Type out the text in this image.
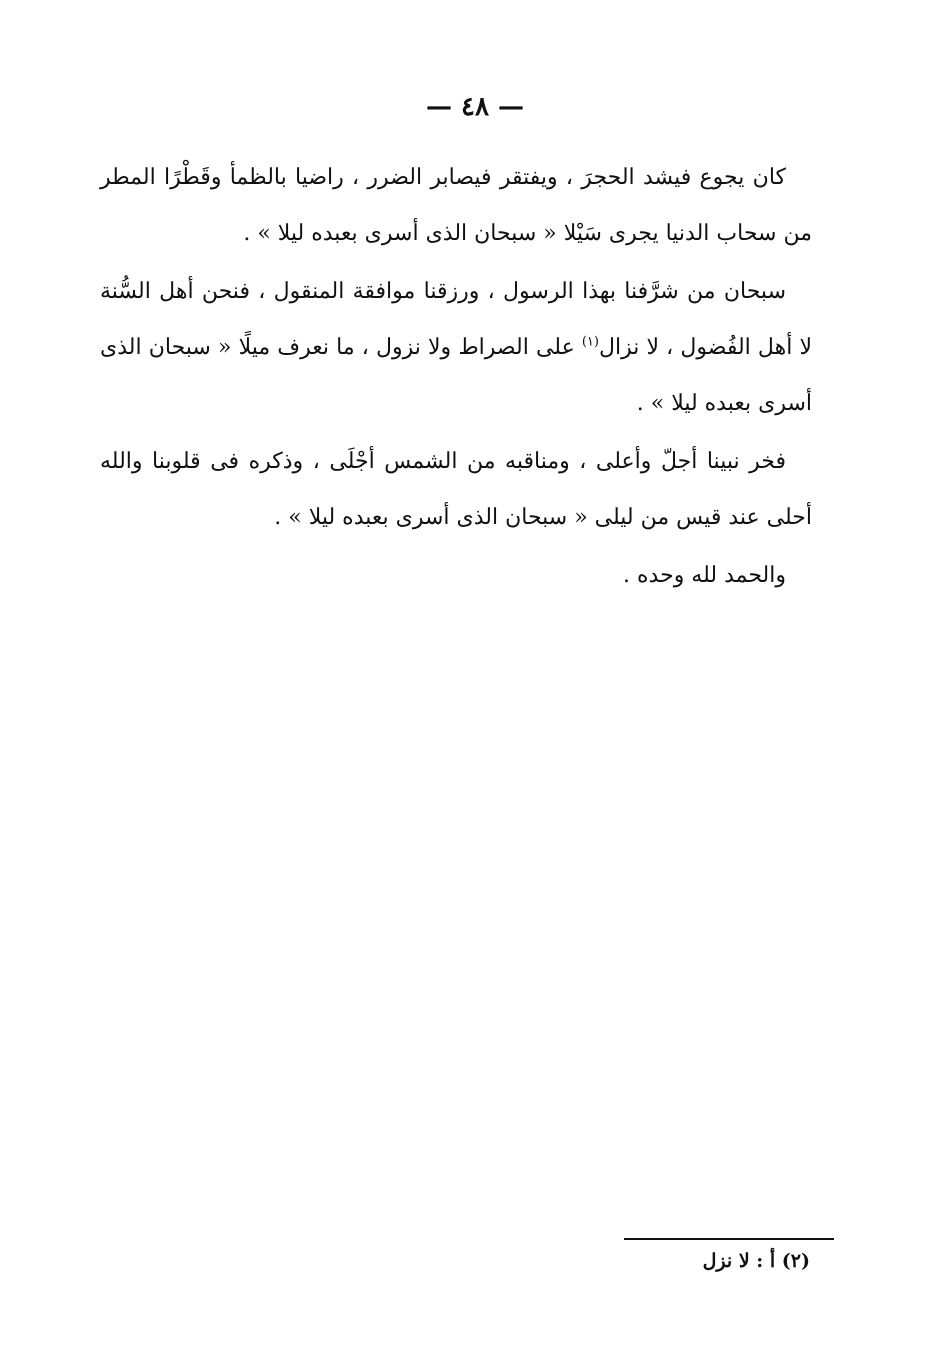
— ٤٨ —

كان يجوع فيشد الحجرَ ، ويفتقر فيصابر الضرر ، راضيا بالظمأ وقَطْرًا المطر من سحاب الدنيا يجرى سَيْلا « سبحان الذى أسرى بعبده ليلا » .

سبحان من شرَّفنا بهذا الرسول ، ورزقنا موافقة المنقول ، فنحن أهل السُّنة لا أهل الفُضول ، لا نزال$^{(١)}$ على الصراط ولا نزول ، ما نعرف ميلًا « سبحان الذى أسرى بعبده ليلا » .

فخر نبينا أجلّ وأعلى ، ومناقبه من الشمس أجْلَى ، وذكره فى قلوبنا والله أحلى عند قيس من ليلى « سبحان الذى أسرى بعبده ليلا » .

والحمد لله وحده .

(٢) أ : لا نزل
